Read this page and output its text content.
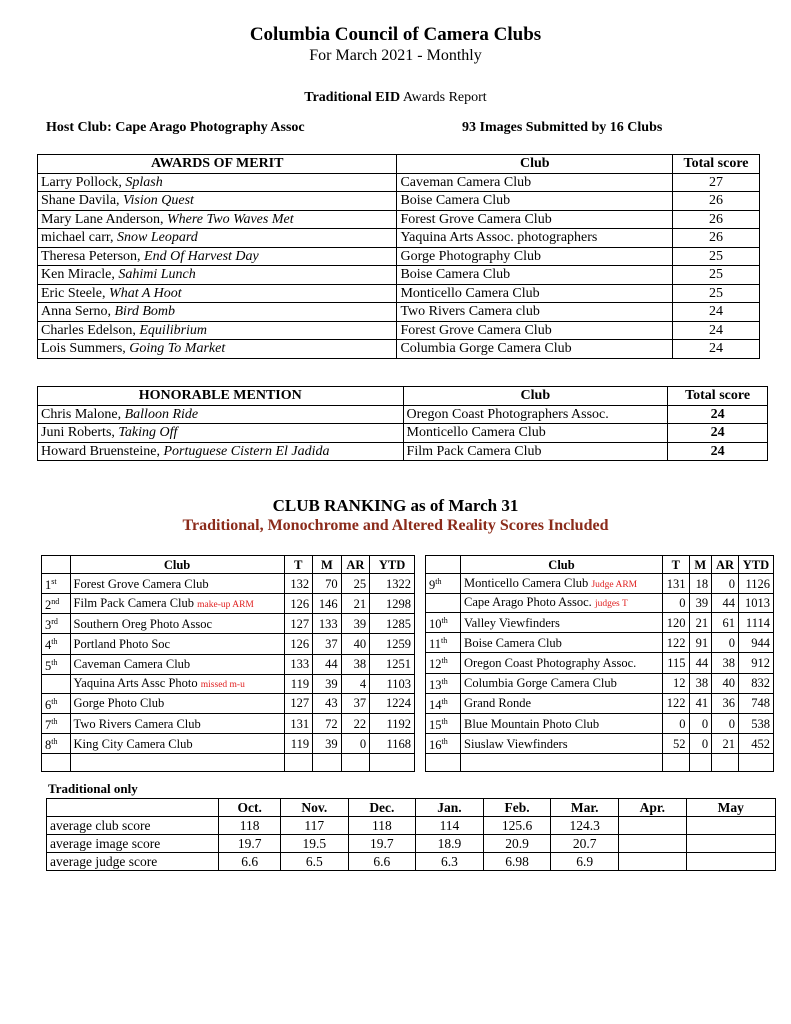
Columbia Council of Camera Clubs
For March 2021 - Monthly
Traditional EID Awards Report
Host Club: Cape Arago Photography Assoc	93 Images Submitted by 16 Clubs
AWARDS OF MERIT	Club	Total score
Larry Pollock, Splash	Caveman Camera Club	27
Shane Davila, Vision Quest	Boise Camera Club	26
Mary Lane Anderson, Where Two Waves Met	Forest Grove Camera Club	26
michael carr, Snow Leopard	Yaquina Arts Assoc. photographers	26
Theresa Peterson, End Of Harvest Day	Gorge Photography Club	25
Ken Miracle, Sahimi Lunch	Boise Camera Club	25
Eric Steele, What A Hoot	Monticello Camera Club	25
Anna Serno, Bird Bomb	Two Rivers Camera club	24
Charles Edelson, Equilibrium	Forest Grove Camera Club	24
Lois Summers, Going To Market	Columbia Gorge Camera Club	24
HONORABLE MENTION	Club	Total score
Chris Malone, Balloon Ride	Oregon Coast Photographers Assoc.	24
Juni Roberts, Taking Off	Monticello Camera Club	24
Howard Bruensteine, Portuguese Cistern El Jadida	Film Pack Camera Club	24
CLUB RANKING as of March 31
Traditional, Monochrome and Altered Reality Scores Included
	Club	T	M	AR	YTD
1st	Forest Grove Camera Club	132	70	25	1322
2nd	Film Pack Camera Club make-up ARM	126	146	21	1298
3rd	Southern Oreg Photo Assoc	127	133	39	1285
4th	Portland Photo Soc	126	37	40	1259
5th	Caveman Camera Club	133	44	38	1251
	Yaquina Arts Assc Photo missed m-u	119	39	4	1103
6th	Gorge Photo Club	127	43	37	1224
7th	Two Rivers Camera Club	131	72	22	1192
8th	King City Camera Club	119	39	0	1168

	Club	T	M	AR	YTD
9th	Monticello Camera Club Judge ARM	131	18	0	1126
	Cape Arago Photo Assoc. judges T	0	39	44	1013
10th	Valley Viewfinders	120	21	61	1114
11th	Boise Camera Club	122	91	0	944
12th	Oregon Coast Photography Assoc.	115	44	38	912
13th	Columbia Gorge Camera Club	12	38	40	832
14th	Grand Ronde	122	41	36	748
15th	Blue Mountain Photo Club	0	0	0	538
16th	Siuslaw Viewfinders	52	0	21	452

Traditional only
	Oct.	Nov.	Dec.	Jan.	Feb.	Mar.	Apr.	May
average club score	118	117	118	114	125.6	124.3		
average image score	19.7	19.5	19.7	18.9	20.9	20.7		
average judge score	6.6	6.5	6.6	6.3	6.98	6.9		
